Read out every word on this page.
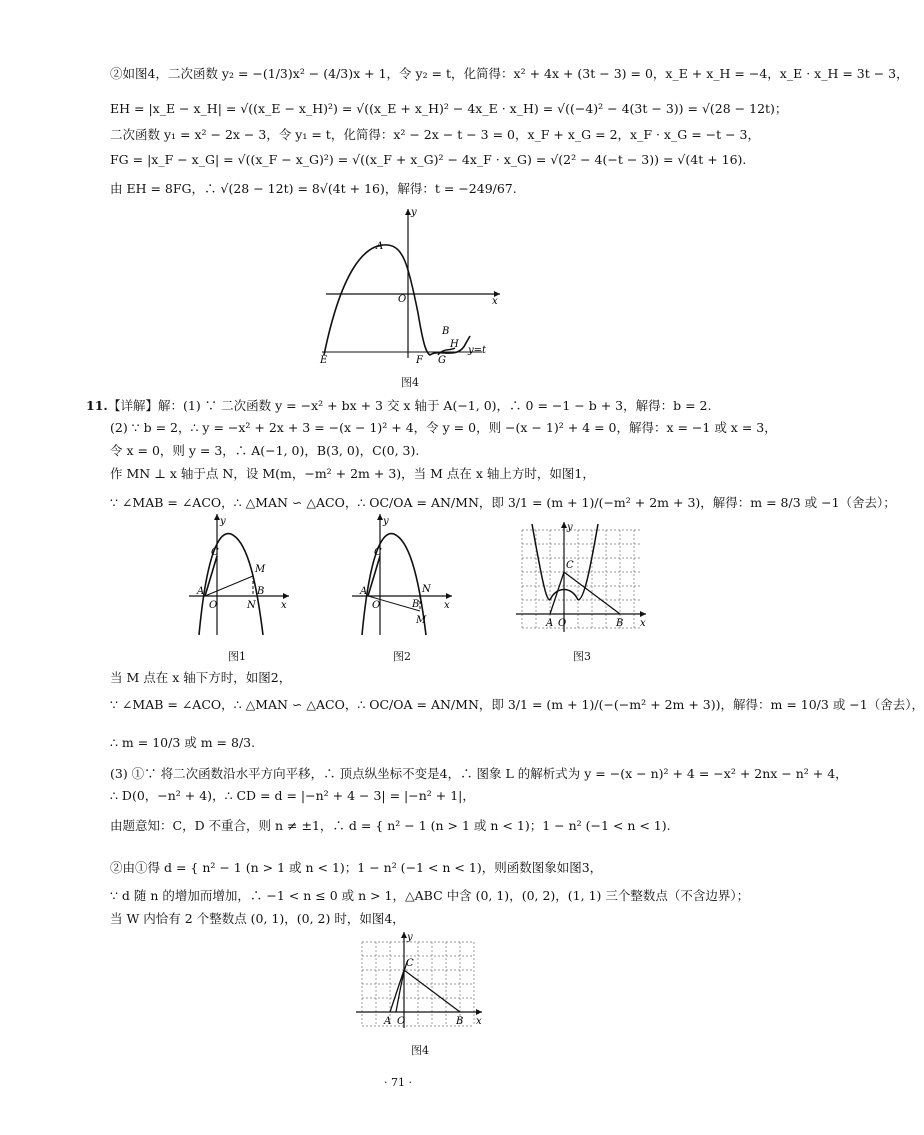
②如图4，二次函数 y₂ = −(1/3)x² − (4/3)x + 1，令 y₂ = t，化简得：x² + 4x + (3t − 3) = 0，x_E + x_H = −4，x_E · x_H = 3t − 3，
EH = |x_E − x_H| = √((x_E − x_H)²) = √((x_E + x_H)² − 4x_E · x_H) = √((−4)² − 4(3t − 3)) = √(28 − 12t)；
二次函数 y₁ = x² − 2x − 3，令 y₁ = t，化简得：x² − 2x − t − 3 = 0，x_F + x_G = 2，x_F · x_G = −t − 3，
FG = |x_F − x_G| = √((x_F − x_G)²) = √((x_F + x_G)² − 4x_F · x_G) = √(2² − 4(−t − 3)) = √(4t + 16).
由 EH = 8FG，∴ √(28 − 12t) = 8√(4t + 16)，解得：t = −249/67.
A
O	x
y
E	F G
H
B
y=t
图4
11. 【详解】解：(1) ∵ 二次函数 y = −x² + bx + 3 交 x 轴于 A(−1, 0)，∴ 0 = −1 − b + 3，解得：b = 2.
(2) ∵ b = 2，∴ y = −x² + 2x + 3 = −(x − 1)² + 4，令 y = 0，则 −(x − 1)² + 4 = 0，解得：x = −1 或 x = 3，
令 x = 0，则 y = 3，∴ A(−1, 0)，B(3, 0)，C(0, 3).
作 MN ⊥ x 轴于点 N，设 M(m，−m² + 2m + 3)，当 M 点在 x 轴上方时，如图1，
∵ ∠MAB = ∠ACO，∴ △MAN ∽ △ACO，∴ OC/OA = AN/MN，即 3/1 = (m + 1)/(−m² + 2m + 3)，解得：m = 8/3 或 −1（舍去）；
C
A
O
M
B
N	x
y
图1
C
A
O
N
B
M
x
y
图2
C
A O	B x
y
图3
当 M 点在 x 轴下方时，如图2，
∵ ∠MAB = ∠ACO，∴ △MAN ∽ △ACO，∴ OC/OA = AN/MN，即 3/1 = (m + 1)/(−(−m² + 2m + 3))，解得：m = 10/3 或 −1（舍去），
∴ m = 10/3 或 m = 8/3.
(3) ①∵ 将二次函数沿水平方向平移，∴ 顶点纵坐标不变是4，∴ 图象 L 的解析式为 y = −(x − n)² + 4 = −x² + 2nx − n² + 4，
∴ D(0，−n² + 4)，∴ CD = d = |−n² + 4 − 3| = |−n² + 1|，
由题意知：C，D 不重合，则 n ≠ ±1，∴ d = { n² − 1 (n > 1 或 n < 1)；1 − n² (−1 < n < 1).
②由①得 d = { n² − 1 (n > 1 或 n < 1)；1 − n² (−1 < n < 1)，则函数图象如图3，
∵ d 随 n 的增加而增加，∴ −1 < n ≤ 0 或 n > 1，△ABC 中含 (0, 1)，(0, 2)，(1, 1) 三个整数点（不含边界）；
当 W 内恰有 2 个整数点 (0, 1)，(0, 2) 时，如图4，
C
A O	B x
y
图4
· 71 ·
